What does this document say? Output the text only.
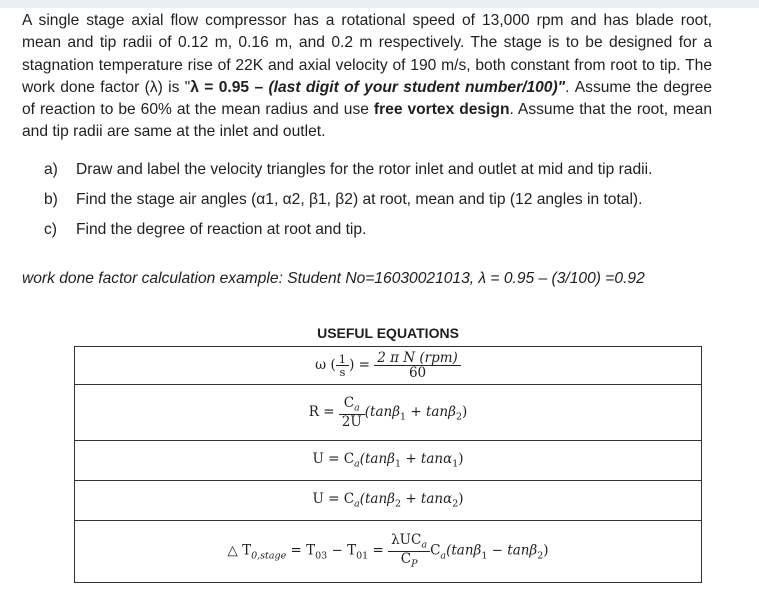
A single stage axial flow compressor has a rotational speed of 13,000 rpm and has blade root, mean and tip radii of 0.12 m, 0.16 m, and 0.2 m respectively. The stage is to be designed for a stagnation temperature rise of 22K and axial velocity of 190 m/s, both constant from root to tip. The work done factor (λ) is "λ = 0.95 – (last digit of your student number/100)". Assume the degree of reaction to be 60% at the mean radius and use free vortex design. Assume that the root, mean and tip radii are same at the inlet and outlet.
a) Draw and label the velocity triangles for the rotor inlet and outlet at mid and tip radii.
b) Find the stage air angles (α1, α2, β1, β2) at root, mean and tip (12 angles in total).
c) Find the degree of reaction at root and tip.
work done factor calculation example: Student No=16030021013, λ = 0.95 – (3/100) =0.92
USEFUL EQUATIONS
ω ( $\frac{1}{s}$ ) = $\frac{\text{2 π N (rpm)}}{60}$

$R = \frac{C_a}{2U} (\tan\beta_1 + \tan\beta_2)$
$U = C_a(\tan\beta_1 + \tan\alpha_1)$
$U = C_a(\tan\beta_2 + \tan\alpha_2)$
△ $T_{0,stage} = T_{03} - T_{01} = \frac{\lambda UC_a}{C_P} C_a(\tan\beta_1 - \tan\beta_2)$
